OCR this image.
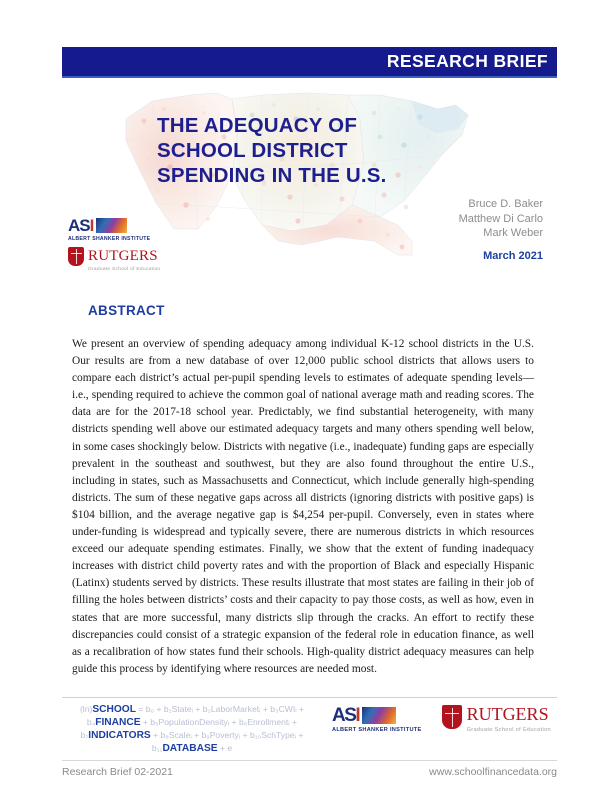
RESEARCH BRIEF
THE ADEQUACY OF
SCHOOL DISTRICT
SPENDING IN THE U.S.
Bruce D. Baker
Matthew Di Carlo
Mark Weber
March 2021
ASI
ALBERT SHANKER INSTITUTE
RUTGERS
Graduate School of Education
ABSTRACT
We present an overview of spending adequacy among individual K-12 school districts in the U.S. Our results are from a new database of over 12,000 public school districts that allows users to compare each district’s actual per-pupil spending levels to estimates of adequate spending levels—i.e., spending required to achieve the common goal of national average math and reading scores. The data are for the 2017-18 school year. Predictably, we find substantial heterogeneity, with many districts spending well above our estimated adequacy targets and many others spending well below, in some cases shockingly below. Districts with negative (i.e., inadequate) funding gaps are especially prevalent in the southeast and southwest, but they are also found throughout the entire U.S., including in states, such as Massachusetts and Connecticut, which include generally high-spending districts. The sum of these negative gaps across all districts (ignoring districts with positive gaps) is $104 billion, and the average negative gap is $4,254 per-pupil. Conversely, even in states where under-funding is widespread and typically severe, there are numerous districts in which resources exceed our adequate spending estimates. Finally, we show that the extent of funding inadequacy increases with district child poverty rates and with the proportion of Black and especially Hispanic (Latinx) students served by districts. These results illustrate that most states are failing in their job of filling the holes between districts’ costs and their capacity to pay those costs, as well as how, even in states that are more successful, many districts slip through the cracks. An effort to rectify these discrepancies could consist of a strategic expansion of the federal role in education finance, as well as a recalibration of how states fund their schools. High-quality district adequacy measures can help guide this process by identifying where resources are needed most.
(ln)SCHOOL = b₀ + b₁Stateᵢ + b₂LaborMarketᵢ + b₃CWIᵢ + b₄FINANCE + b₅PopulationDensityᵢ + b₆Enrollmentᵢ + b₇INDICATORS + b₈Scaleᵢ + b₉Povertyᵢ + b₁₀SchTypeᵢ + b₁₁DATABASE + e
ASI
ALBERT SHANKER INSTITUTE
RUTGERS
Graduate School of Education
Research Brief 02-2021	www.schoolfinancedata.org
